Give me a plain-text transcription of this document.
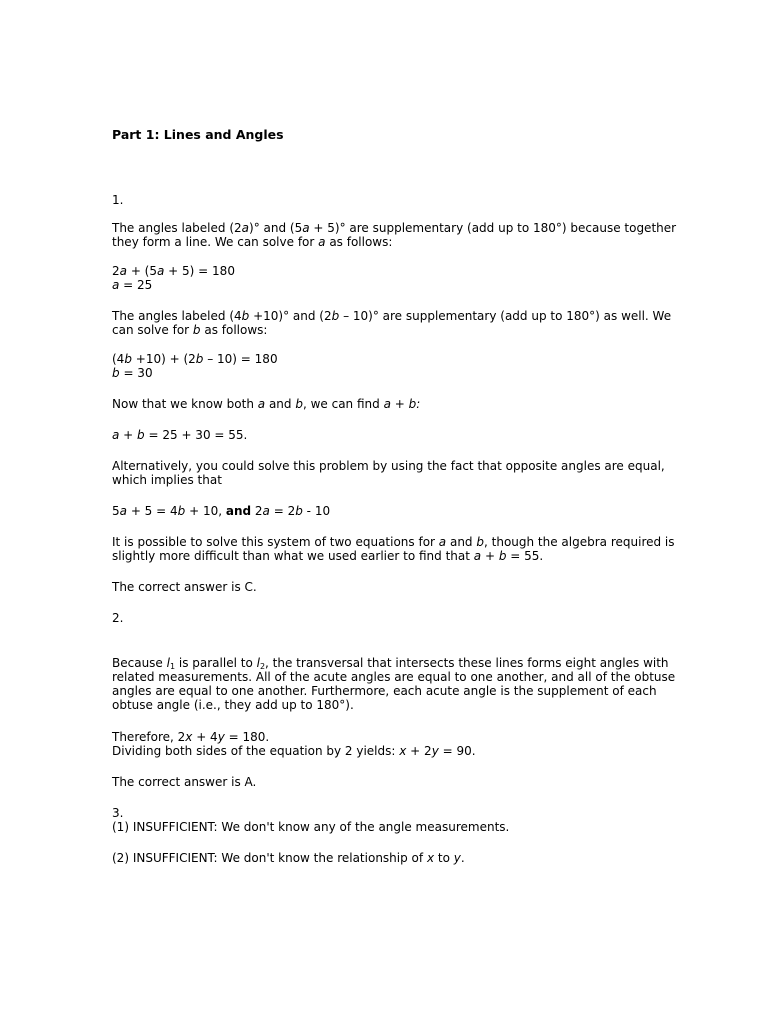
Part 1: Lines and Angles
1.
The angles labeled (2a)° and (5a + 5)° are supplementary (add up to 180°) because together
they form a line. We can solve for a as follows:
2a + (5a + 5) = 180
a = 25
The angles labeled (4b +10)° and (2b – 10)° are supplementary (add up to 180°) as well. We
can solve for b as follows:
(4b +10) + (2b – 10) = 180
b = 30
Now that we know both a and b, we can find a + b:
a + b = 25 + 30 = 55.
Alternatively, you could solve this problem by using the fact that opposite angles are equal,
which implies that
5a + 5 = 4b + 10, and 2a = 2b - 10
It is possible to solve this system of two equations for a and b, though the algebra required is
slightly more difficult than what we used earlier to find that a + b = 55.
The correct answer is C.
2.
Because $l_1$ is parallel to $l_2$, the transversal that intersects these lines forms eight angles with
related measurements. All of the acute angles are equal to one another, and all of the obtuse
angles are equal to one another. Furthermore, each acute angle is the supplement of each
obtuse angle (i.e., they add up to 180°).
Therefore, 2x + 4y = 180.
Dividing both sides of the equation by 2 yields: x + 2y = 90.
The correct answer is A.
3.
(1) INSUFFICIENT: We don't know any of the angle measurements.
(2) INSUFFICIENT: We don't know the relationship of x to y.
